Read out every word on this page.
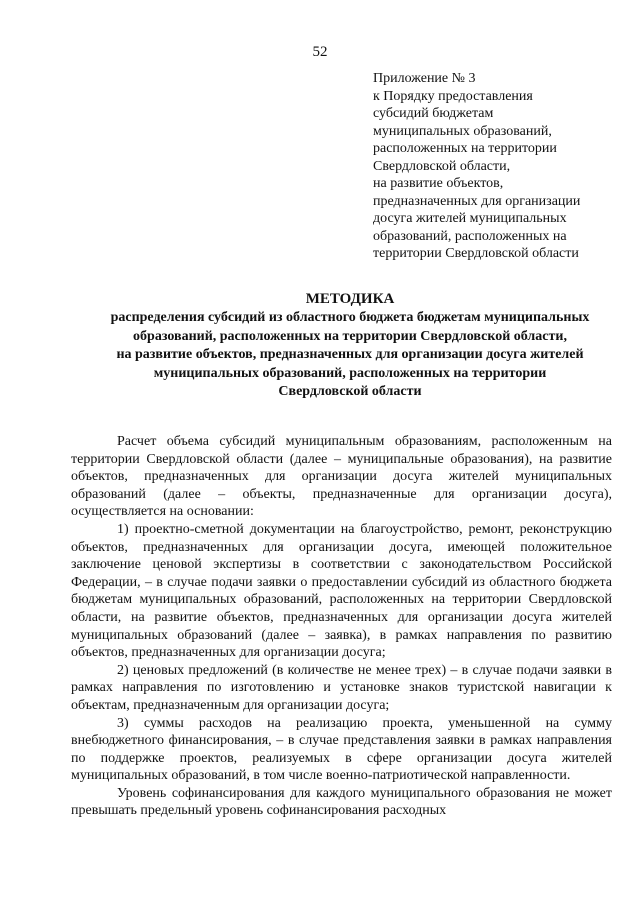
52
Приложение № 3
к Порядку предоставления
субсидий бюджетам
муниципальных образований,
расположенных на территории
Свердловской области,
на развитие объектов,
предназначенных для организации
досуга жителей муниципальных
образований, расположенных на
территории Свердловской области
МЕТОДИКА
распределения субсидий из областного бюджета бюджетам муниципальных
образований, расположенных на территории Свердловской области,
на развитие объектов, предназначенных для организации досуга жителей
муниципальных образований, расположенных на территории
Свердловской области

Расчет объема субсидий муниципальным образованиям, расположенным на территории Свердловской области (далее – муниципальные образования), на развитие объектов, предназначенных для организации досуга жителей муниципальных образований (далее – объекты, предназначенные для организации досуга), осуществляется на основании:

1) проектно-сметной документации на благоустройство, ремонт, реконструкцию объектов, предназначенных для организации досуга, имеющей положительное заключение ценовой экспертизы в соответствии с законодательством Российской Федерации, – в случае подачи заявки о предоставлении субсидий из областного бюджета бюджетам муниципальных образований, расположенных на территории Свердловской области, на развитие объектов, предназначенных для организации досуга жителей муниципальных образований (далее – заявка), в рамках направления по развитию объектов, предназначенных для организации досуга;

2) ценовых предложений (в количестве не менее трех) – в случае подачи заявки в рамках направления по изготовлению и установке знаков туристской навигации к объектам, предназначенным для организации досуга;

3) суммы расходов на реализацию проекта, уменьшенной на сумму внебюджетного финансирования, – в случае представления заявки в рамках направления по поддержке проектов, реализуемых в сфере организации досуга жителей муниципальных образований, в том числе военно-патриотической направленности.

Уровень софинансирования для каждого муниципального образования не может превышать предельный уровень софинансирования расходных
